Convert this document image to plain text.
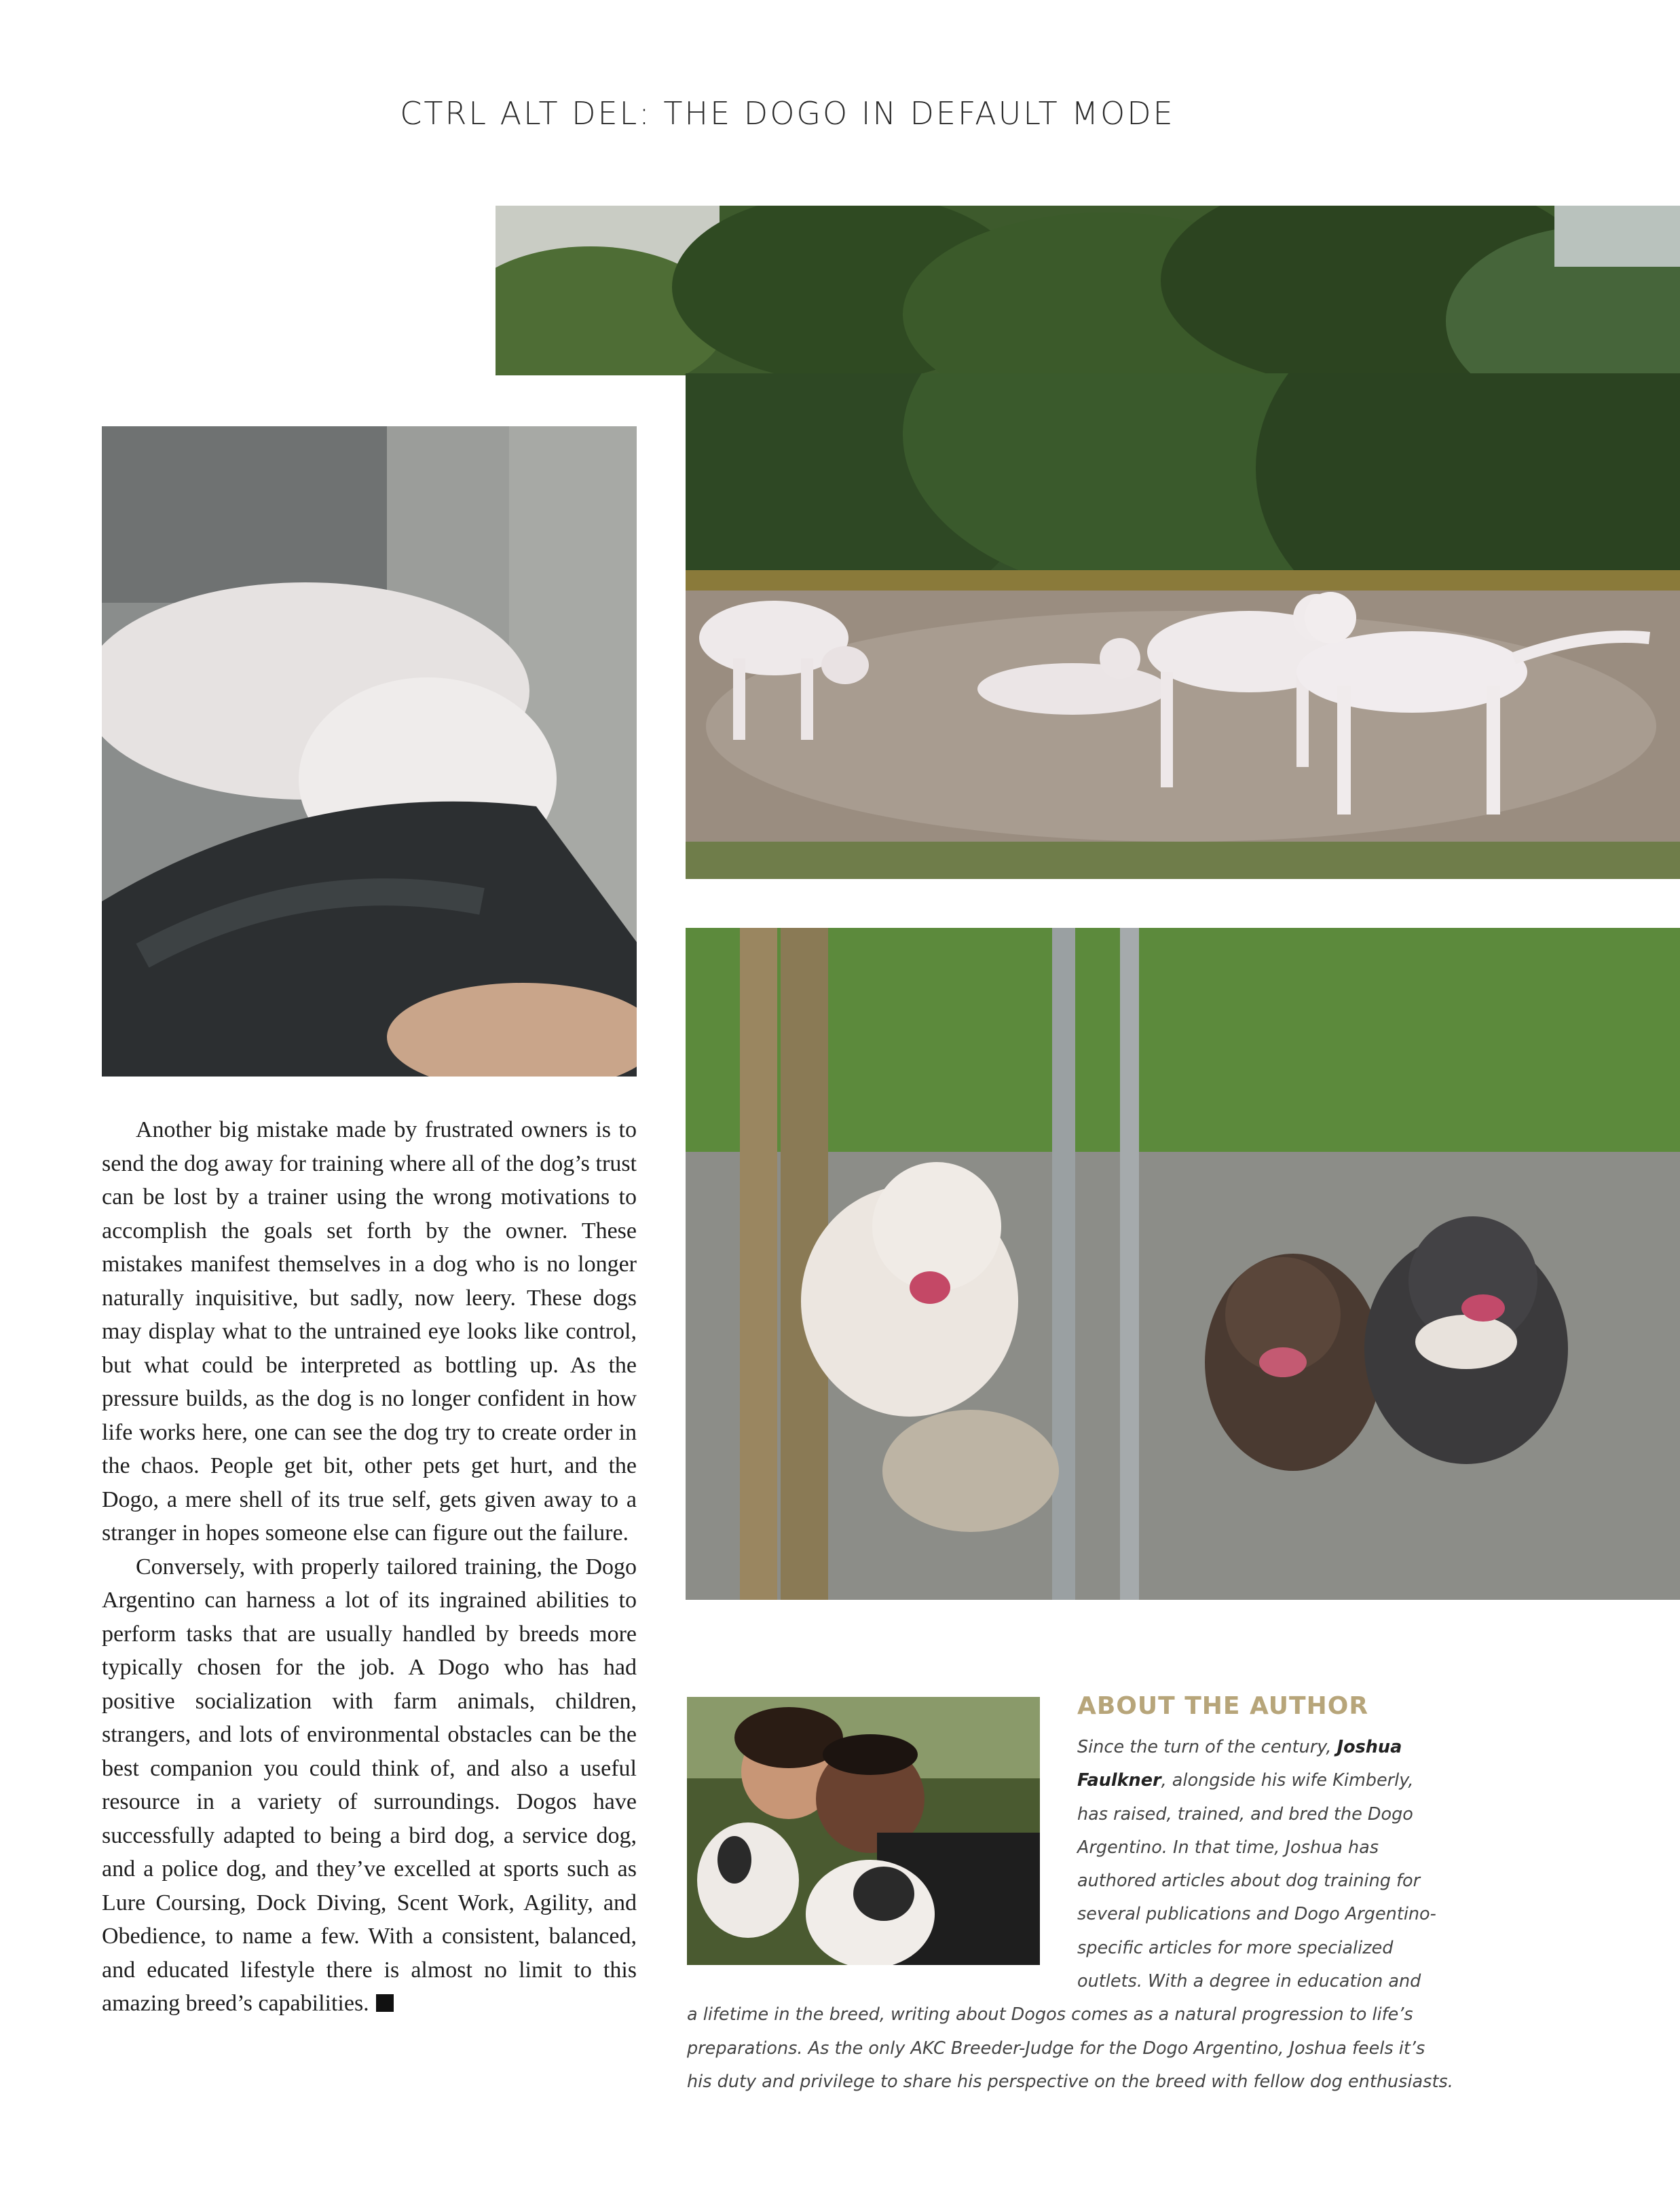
CTRL ALT DEL: THE DOGO IN DEFAULT MODE

Another big mistake made by frustrated owners is to send the dog away for training where all of the dog’s trust can be lost by a trainer using the wrong motivations to accomplish the goals set forth by the owner. These mistakes manifest themselves in a dog who is no longer naturally inquisitive, but sadly, now leery. These dogs may display what to the untrained eye looks like control, but what could be interpreted as bottling up. As the pressure builds, as the dog is no longer confident in how life works here, one can see the dog try to create order in the chaos. People get bit, other pets get hurt, and the Dogo, a mere shell of its true self, gets given away to a stranger in hopes someone else can figure out the failure.

Conversely, with properly tailored training, the Dogo Argentino can harness a lot of its ingrained abilities to perform tasks that are usually handled by breeds more typically chosen for the job. A Dogo who has had positive socialization with farm animals, children, strangers, and lots of environmental obstacles can be the best companion you could think of, and also a useful resource in a variety of surroundings. Dogos have successfully adapted to being a bird dog, a service dog, and a police dog, and they’ve excelled at sports such as Lure Coursing, Dock Diving, Scent Work, Agility, and Obedience, to name a few. With a consistent, balanced, and educated lifestyle there is almost no limit to this amazing breed’s capabilities.

ABOUT THE AUTHOR
Since the turn of the century, Joshua
Faulkner, alongside his wife Kimberly,
has raised, trained, and bred the Dogo
Argentino. In that time, Joshua has
authored articles about dog training for
several publications and Dogo Argentino-
specific articles for more specialized
outlets. With a degree in education and
a lifetime in the breed, writing about Dogos comes as a natural progression to life’s
preparations. As the only AKC Breeder-Judge for the Dogo Argentino, Joshua feels it’s
his duty and privilege to share his perspective on the breed with fellow dog enthusiasts.
